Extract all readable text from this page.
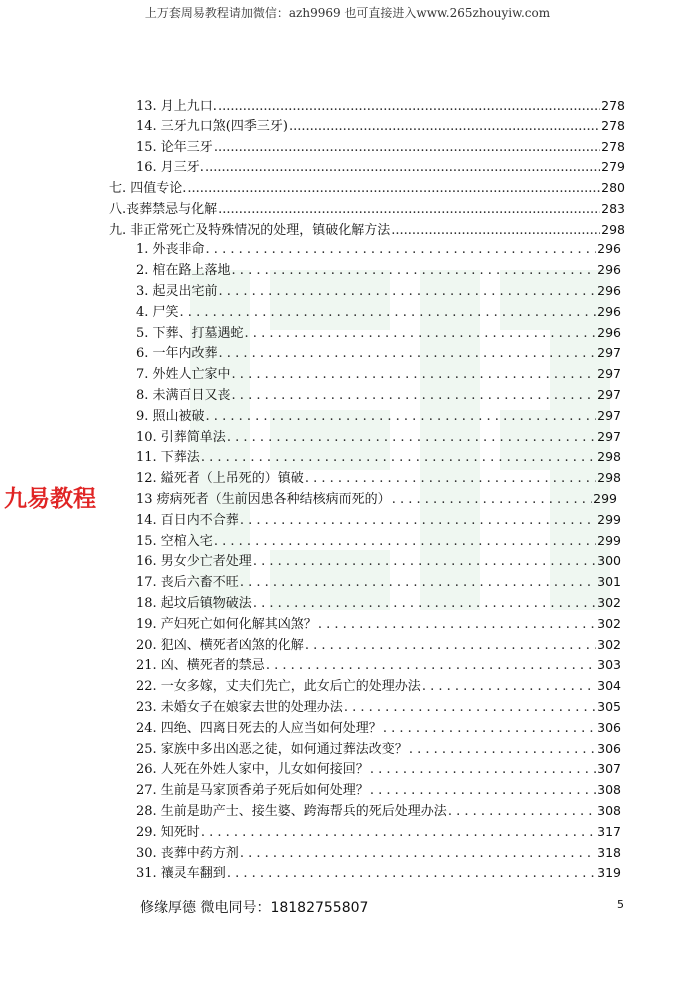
上万套周易教程请加微信：azh9969 也可直接进入www.265zhouyiw.com
九易教程
13. 月上九口. .....	278
14. 三牙九口煞(四季三牙) .....	278
15. 论年三牙 .....	278
16. 月三牙. .....	279
七. 四值专论. .....	280
八.丧葬禁忌与化解 .....	283
九. 非正常死亡及特殊情况的处理，镇破化解方法 .....	298
1. 外丧非命 . . .	296
2. 棺在路上落地 . . .	296
3. 起灵出宅前 . . .	296
4. 尸笑 . . .	296
5. 下葬、打墓遇蛇 . . .	296
6. 一年内改葬 . . .	297
7. 外姓人亡家中 . . .	297
8. 未满百日又丧 . . .	297
9. 照山被破 . . .	297
10. 引葬简单法 . . .	297
11. 下葬法 . . .	298
12. 縊死者（上吊死的）镇破 . . .	298
13 痨病死者（生前因患各种结核病而死的） . . .	299
14. 百日内不合葬 . . .	299
15. 空棺入宅 . . .	299
16. 男女少亡者处理 . . .	300
17. 丧后六畜不旺 . . .	301
18. 起坟后镇物破法 . . .	302
19. 产妇死亡如何化解其凶煞？ . . .	302
20. 犯凶、横死者凶煞的化解 . . .	302
21. 凶、横死者的禁忌 . . .	303
22. 一女多嫁，丈夫们先亡，此女后亡的处理办法 . . .	304
23. 未婚女子在娘家去世的处理办法 . . .	305
24. 四绝、四离日死去的人应当如何处理？ . . .	306
25. 家族中多出凶恶之徒，如何通过葬法改变？ . . .	306
26. 人死在外姓人家中，儿女如何接回？ . . .	307
27. 生前是马家顶香弟子死后如何处理？ . . .	308
28. 生前是助产士、接生婆、跨海帮兵的死后处理办法 . . .	308
29. 知死时 . . .	317
30. 丧葬中药方剂 . . .	318
31. 禳灵车翻到 . . .	319
修缘厚德 微电同号：18182755807	5
